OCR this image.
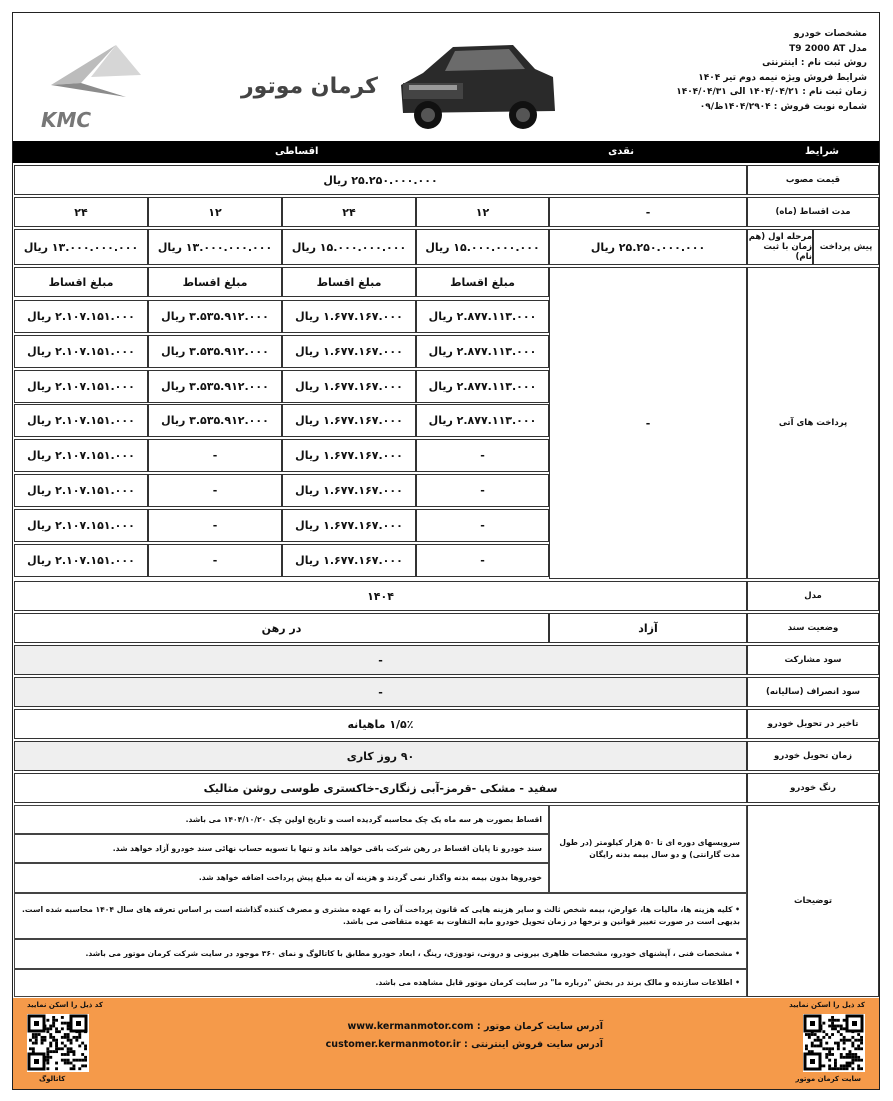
مشخصات خودرو
مدل T9 2000 AT
روش ثبت نام : اینترنتی
شرایط فروش ویژه نیمه دوم تیر ۱۴۰۴
زمان ثبت نام : ۱۴۰۴/۰۴/۲۱ الی ۱۴۰۴/۰۴/۳۱
شماره نوبت فروش : ۱۴۰۴/۲۹۰۴ظ/۰۹
KMC
کرمان موتور
شرایط
نقدی
اقساطی
قیمت مصوب
۲۵.۲۵۰.۰۰۰.۰۰۰ ریال
مدت اقساط (ماه)
-
۱۲
۲۴
۱۲
۲۴
پیش پرداخت
مرحله اول (هم زمان با ثبت نام)
۲۵.۲۵۰.۰۰۰.۰۰۰ ریال
۱۵.۰۰۰.۰۰۰.۰۰۰ ریال
۱۵.۰۰۰.۰۰۰.۰۰۰ ریال
۱۳.۰۰۰.۰۰۰.۰۰۰ ریال
۱۳.۰۰۰.۰۰۰.۰۰۰ ریال
پرداخت های آتی
-
مبلغ اقساط
۲.۸۷۷.۱۱۳.۰۰۰ ریال
۲.۸۷۷.۱۱۳.۰۰۰ ریال
۲.۸۷۷.۱۱۳.۰۰۰ ریال
۲.۸۷۷.۱۱۳.۰۰۰ ریال
-
-
-
-
مبلغ اقساط
۱.۶۷۷.۱۶۷.۰۰۰ ریال
۱.۶۷۷.۱۶۷.۰۰۰ ریال
۱.۶۷۷.۱۶۷.۰۰۰ ریال
۱.۶۷۷.۱۶۷.۰۰۰ ریال
۱.۶۷۷.۱۶۷.۰۰۰ ریال
۱.۶۷۷.۱۶۷.۰۰۰ ریال
۱.۶۷۷.۱۶۷.۰۰۰ ریال
۱.۶۷۷.۱۶۷.۰۰۰ ریال
مبلغ اقساط
۳.۵۳۵.۹۱۲.۰۰۰ ریال
۳.۵۳۵.۹۱۲.۰۰۰ ریال
۳.۵۳۵.۹۱۲.۰۰۰ ریال
۳.۵۳۵.۹۱۲.۰۰۰ ریال
-
-
-
-
مبلغ اقساط
۲.۱۰۷.۱۵۱.۰۰۰ ریال
۲.۱۰۷.۱۵۱.۰۰۰ ریال
۲.۱۰۷.۱۵۱.۰۰۰ ریال
۲.۱۰۷.۱۵۱.۰۰۰ ریال
۲.۱۰۷.۱۵۱.۰۰۰ ریال
۲.۱۰۷.۱۵۱.۰۰۰ ریال
۲.۱۰۷.۱۵۱.۰۰۰ ریال
۲.۱۰۷.۱۵۱.۰۰۰ ریال
مدل
۱۴۰۴
وضعیت سند
آزاد
در رهن
سود مشارکت
-
سود انصراف (سالیانه)
-
تاخیر در تحویل خودرو
۱/۵٪ ماهیانه
زمان تحویل خودرو
۹۰ روز کاری
رنگ خودرو
سفید - مشکی -قرمز-آبی زنگاری-خاکستری طوسی روشن متالیک
توضیحات
سرویسهای دوره ای تا ۵۰ هزار کیلومتر (در طول مدت گارانتی) و دو سال بیمه بدنه رایگان
اقساط بصورت هر سه ماه یک چک محاسبه گردیده است و تاریخ اولین چک ۱۴۰۴/۱۰/۲۰ می باشد.
سند خودرو تا پایان اقساط در رهن شرکت باقی خواهد ماند و تنها با تسویه حساب نهائی سند خودرو آزاد خواهد شد.
خودروها بدون بیمه بدنه واگذار نمی گردند و هزینه آن به مبلغ پیش پرداخت اضافه خواهد شد.
• کلیه هزینه ها، مالیات ها، عوارض، بیمه شخص ثالث و سایر هزینه هایی که قانون پرداخت آن را به عهده مشتری و مصرف کننده گذاشته است بر اساس تعرفه های سال ۱۴۰۴ محاسبه شده است. بدیهی است در صورت تغییر قوانین و نرخها در زمان تحویل خودرو مابه التفاوت به عهده متقاضی می باشد.
• مشخصات فنی ، آپشنهای خودرو، مشخصات ظاهری بیرونی و درونی، تودوزی، رینگ ، ابعاد خودرو مطابق با کاتالوگ و نمای ۳۶۰ موجود در سایت شرکت کرمان موتور می باشد.
• اطلاعات سازنده و مالک برند در بخش "درباره ما" در سایت کرمان موتور قابل مشاهده می باشد.
کد ذیل را اسکن نمایید
کاتالوگ
کد ذیل را اسکن نمایید
سایت کرمان موتور
آدرس سایت کرمان موتور : www.kermanmotor.com
آدرس سایت فروش اینترنتی : customer.kermanmotor.ir
